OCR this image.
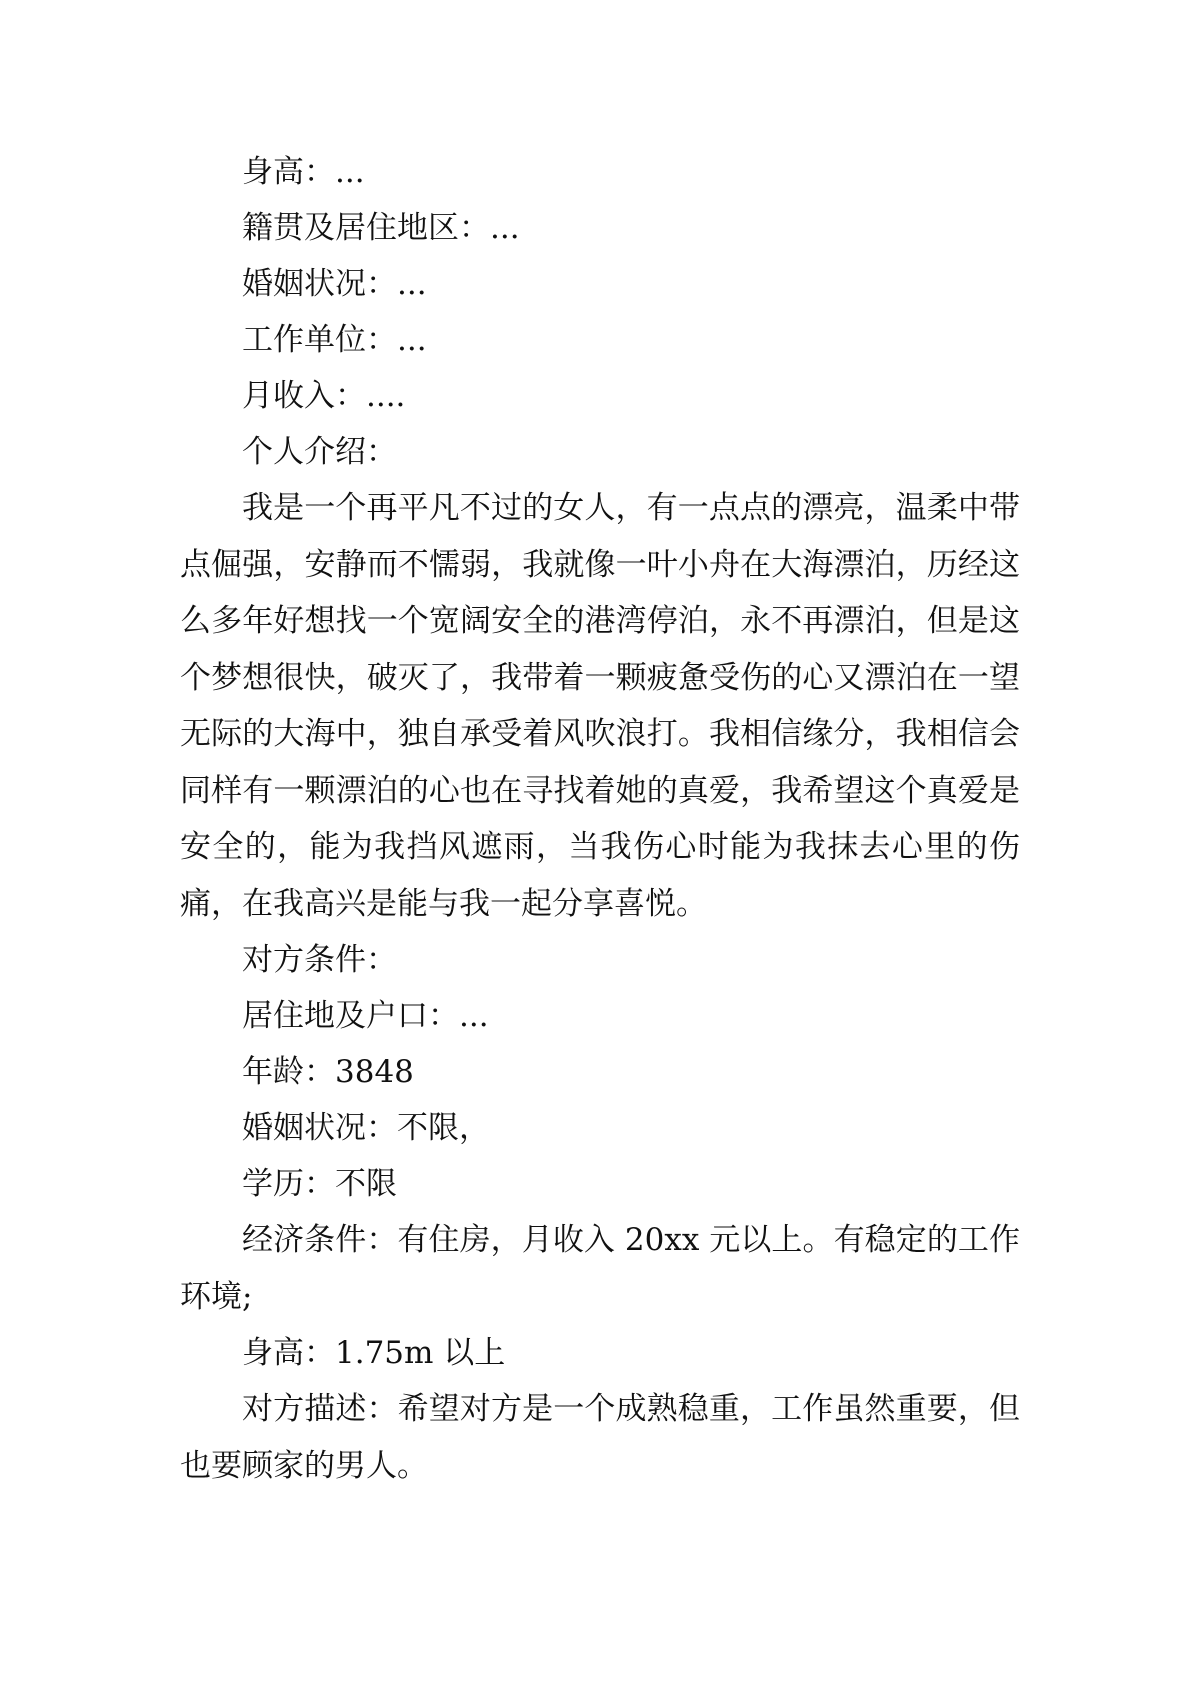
身高：...
籍贯及居住地区：...
婚姻状况：...
工作单位：...
月收入：....
个人介绍：
我是一个再平凡不过的女人，有一点点的漂亮，温柔中带点倔强，安静而不懦弱，我就像一叶小舟在大海漂泊，历经这么多年好想找一个宽阔安全的港湾停泊，永不再漂泊，但是这个梦想很快，破灭了，我带着一颗疲惫受伤的心又漂泊在一望无际的大海中，独自承受着风吹浪打。我相信缘分，我相信会同样有一颗漂泊的心也在寻找着她的真爱，我希望这个真爱是安全的，能为我挡风遮雨，当我伤心时能为我抹去心里的伤痛，在我高兴是能与我一起分享喜悦。
对方条件：
居住地及户口：...
年龄：3848
婚姻状况：不限，
学历：不限
经济条件：有住房，月收入 20xx 元以上。有稳定的工作环境;
身高：1.75m 以上
对方描述：希望对方是一个成熟稳重，工作虽然重要，但也要顾家的男人。
